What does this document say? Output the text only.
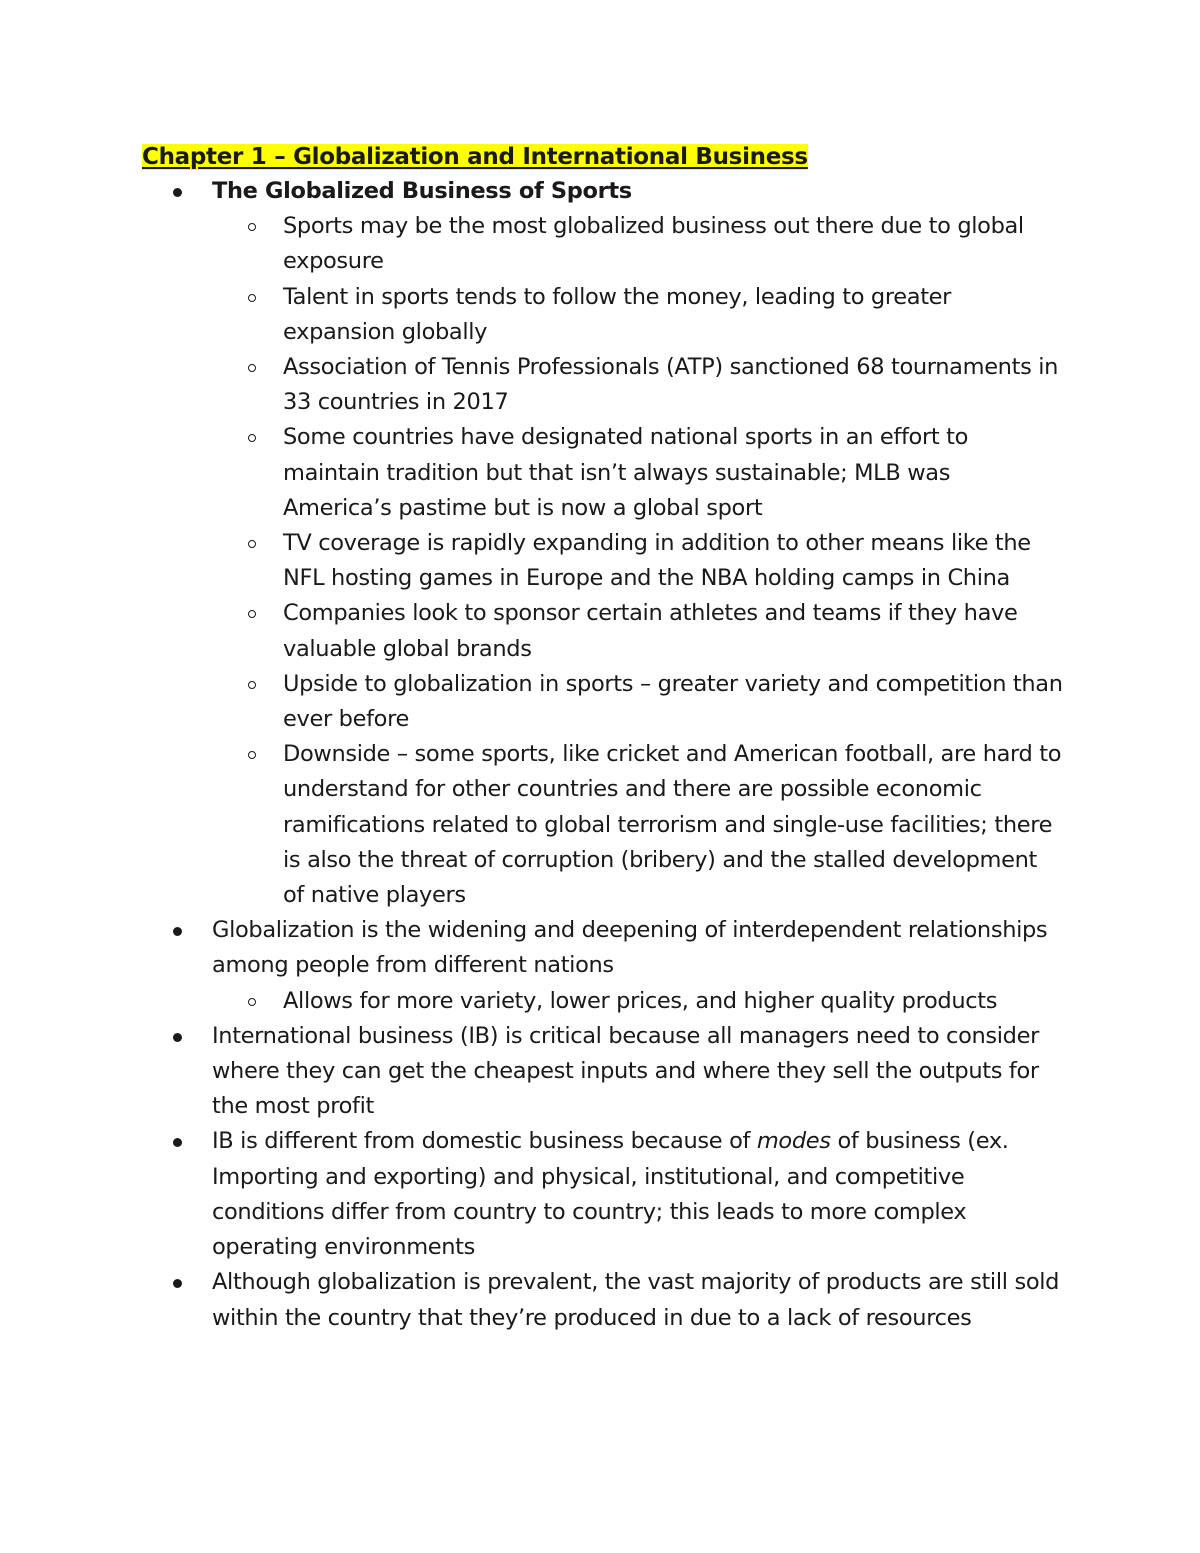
Chapter 1 – Globalization and International Business
The Globalized Business of Sports
Sports may be the most globalized business out there due to global exposure
Talent in sports tends to follow the money, leading to greater expansion globally
Association of Tennis Professionals (ATP) sanctioned 68 tournaments in 33 countries in 2017
Some countries have designated national sports in an effort to maintain tradition but that isn’t always sustainable; MLB was America’s pastime but is now a global sport
TV coverage is rapidly expanding in addition to other means like the NFL hosting games in Europe and the NBA holding camps in China
Companies look to sponsor certain athletes and teams if they have valuable global brands
Upside to globalization in sports – greater variety and competition than ever before
Downside – some sports, like cricket and American football, are hard to understand for other countries and there are possible economic ramifications related to global terrorism and single-use facilities; there is also the threat of corruption (bribery) and the stalled development of native players
Globalization is the widening and deepening of interdependent relationships among people from different nations
Allows for more variety, lower prices, and higher quality products
International business (IB) is critical because all managers need to consider where they can get the cheapest inputs and where they sell the outputs for the most profit
IB is different from domestic business because of modes of business (ex. Importing and exporting) and physical, institutional, and competitive conditions differ from country to country; this leads to more complex operating environments
Although globalization is prevalent, the vast majority of products are still sold within the country that they’re produced in due to a lack of resources
